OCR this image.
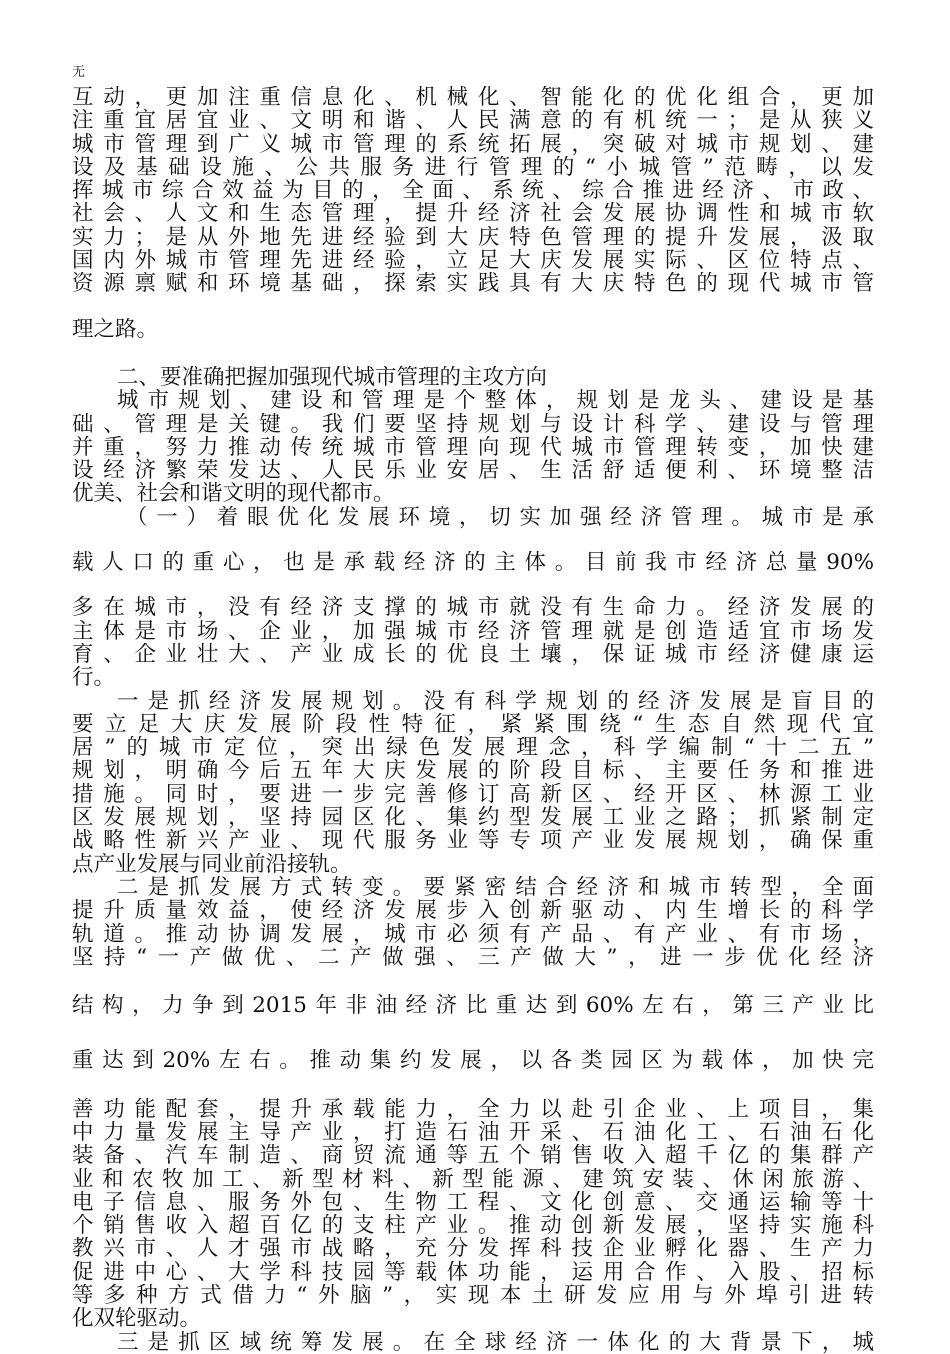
无
互动，更加注重信息化、机械化、智能化的优化组合，更加
注重宜居宜业、文明和谐、人民满意的有机统一；是从狭义
城市管理到广义城市管理的系统拓展，突破对城市规划、建
设及基础设施、公共服务进行管理的“小城管”范畴，以发
挥城市综合效益为目的，全面、系统、综合推进经济、市政、
社会、人文和生态管理，提升经济社会发展协调性和城市软
实力；是从外地先进经验到大庆特色管理的提升发展，汲取
国内外城市管理先进经验，立足大庆发展实际、区位特点、
资源禀赋和环境基础，探索实践具有大庆特色的现代城市管
理之路。
二、要准确把握加强现代城市管理的主攻方向
城市规划、建设和管理是个整体，规划是龙头、建设是基
础、管理是关键。我们要坚持规划与设计科学、建设与管理
并重，努力推动传统城市管理向现代城市管理转变，加快建
设经济繁荣发达、人民乐业安居、生活舒适便利、环境整洁
优美、社会和谐文明的现代都市。
（一）着眼优化发展环境，切实加强经济管理。城市是承
载人口的重心，也是承载经济的主体。目前我市经济总量90%
多在城市，没有经济支撑的城市就没有生命力。经济发展的
主体是市场、企业，加强城市经济管理就是创造适宜市场发
育、企业壮大、产业成长的优良土壤，保证城市经济健康运
行。
一是抓经济发展规划。没有科学规划的经济发展是盲目的
要立足大庆发展阶段性特征，紧紧围绕“生态自然现代宜
居”的城市定位，突出绿色发展理念，科学编制“十二五”
规划，明确今后五年大庆发展的阶段目标、主要任务和推进
措施。同时，要进一步完善修订高新区、经开区、林源工业
区发展规划，坚持园区化、集约型发展工业之路；抓紧制定
战略性新兴产业、现代服务业等专项产业发展规划，确保重
点产业发展与同业前沿接轨。
二是抓发展方式转变。要紧密结合经济和城市转型，全面
提升质量效益，使经济发展步入创新驱动、内生增长的科学
轨道。推动协调发展，城市必须有产品、有产业、有市场，
坚持“一产做优、二产做强、三产做大”，进一步优化经济
结构，力争到2015年非油经济比重达到60%左右，第三产业比
重达到20%左右。推动集约发展，以各类园区为载体，加快完
善功能配套，提升承载能力，全力以赴引企业、上项目，集
中力量发展主导产业，打造石油开采、石油化工、石油石化
装备、汽车制造、商贸流通等五个销售收入超千亿的集群产
业和农牧加工、新型材料、新型能源、建筑安装、休闲旅游、
电子信息、服务外包、生物工程、文化创意、交通运输等十
个销售收入超百亿的支柱产业。推动创新发展，坚持实施科
教兴市、人才强市战略，充分发挥科技企业孵化器、生产力
促进中心、大学科技园等载体功能，运用合作、入股、招标
等多种方式借力“外脑”，实现本土研发应用与外埠引进转
化双轮驱动。
三是抓区域统筹发展。在全球经济一体化的大背景下，城
